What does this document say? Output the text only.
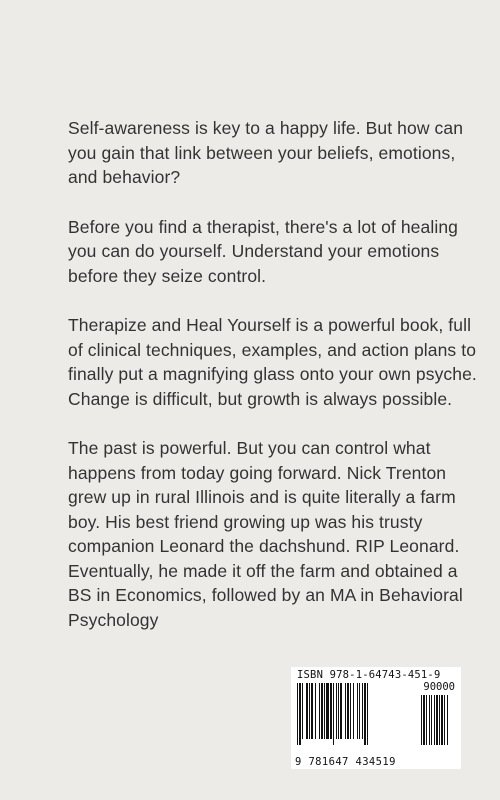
Self-awareness is key to a happy life. But how can you gain that link between your beliefs, emotions, and behavior?

Before you find a therapist, there's a lot of healing you can do yourself. Understand your emotions before they seize control.

Therapize and Heal Yourself is a powerful book, full of clinical techniques, examples, and action plans to finally put a magnifying glass onto your own psyche. Change is difficult, but growth is always possible.

The past is powerful. But you can control what happens from today going forward. Nick Trenton grew up in rural Illinois and is quite literally a farm boy. His best friend growing up was his trusty companion Leonard the dachshund. RIP Leonard. Eventually, he made it off the farm and obtained a BS in Economics, followed by an MA in Behavioral Psychology

ISBN 978-1-64743-451-9
90000
9 781647 434519
